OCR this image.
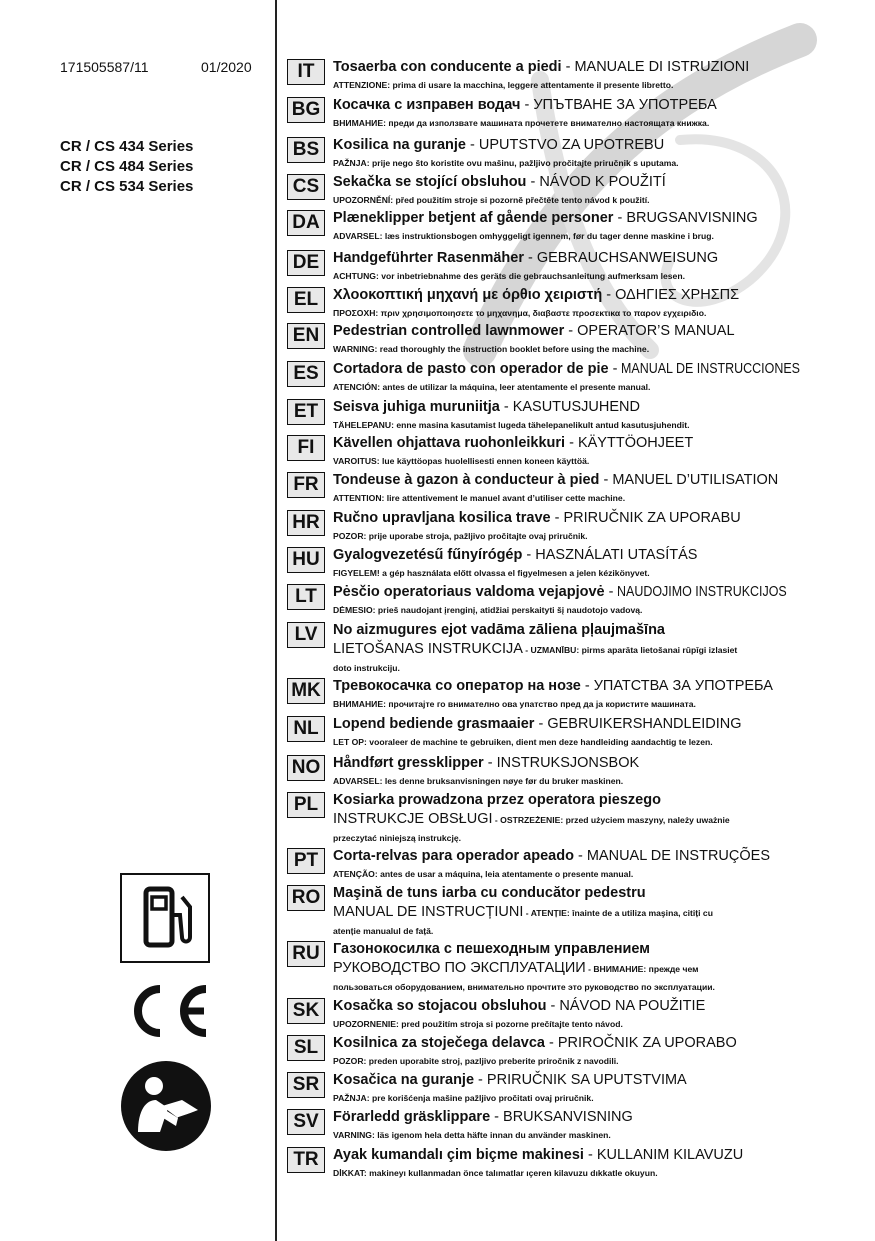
171505587/11	01/2020
CR / CS 434 Series
CR / CS 484 Series
CR / CS 534 Series

IT	Tosaerba con conducente a piedi - MANUALE DI ISTRUZIONI
ATTENZIONE: prima di usare la macchina, leggere attentamente il presente libretto.
BG Косачка с изправен водач - УПЪТВАНЕ ЗА УПОТРЕБА
ВНИМАНИЕ: преди да използвате машината прочетете внимателно настоящата книжка.
BS Kosilica na guranje - UPUTSTVO ZA UPOTREBU
PAŽNJA: prije nego što koristite ovu mašinu, pažljivo pročitajte priručnik s uputama.
CS Sekačka se stojící obsluhou - NÁVOD K POUŽITÍ
UPOZORNĚNÍ: před použitím stroje si pozorně přečtěte tento návod k použití.
DA Plæneklipper betjent af gående personer - BRUGSANVISNING
ADVARSEL: læs instruktionsbogen omhyggeligt igennem, før du tager denne maskine i brug.
DE Handgeführter Rasenmäher - GEBRAUCHSANWEISUNG
ACHTUNG: vor inbetriebnahme des geräts die gebrauchsanleitung aufmerksam lesen.
EL	Χλοοκοπτική μηχανή με όρθιο χειριστή - ΟΔΗΓΙΕΣ ΧΡΗΣΠΣ
ΠΡΟΣΟΧΗ: πριν χρησιμοποιησετε το μηχανημα, διαβαστε προσεκτικα το παρον εγχειριδιο.
EN Pedestrian controlled lawnmower - OPERATOR’S MANUAL
WARNING: read thoroughly the instruction booklet before using the machine.
ES Cortadora de pasto con operador de pie - MANUAL DE INSTRUCCIONES
ATENCIÓN: antes de utilizar la máquina, leer atentamente el presente manual.
ET	Seisva juhiga muruniitja - KASUTUSJUHEND
TÄHELEPANU: enne masina kasutamist lugeda tähelepanelikult antud kasutusjuhendit.
FI	Kävellen ohjattava ruohonleikkuri - KÄYTTÖOHJEET
VAROITUS: lue käyttöopas huolellisesti ennen koneen käyttöä.
FR Tondeuse à gazon à conducteur à pied - MANUEL D’UTILISATION
ATTENTION: lire attentivement le manuel avant d’utiliser cette machine.
HR Ručno upravljana kosilica trave - PRIRUČNIK ZA UPORABU
POZOR: prije uporabe stroja, pažljivo pročitajte ovaj priručnik.
HU Gyalogvezetésű fűnyírógép - HASZNÁLATI UTASÍTÁS
FIGYELEM! a gép használata előtt olvassa el figyelmesen a jelen kézikönyvet.
LT	Pėsčio operatoriaus valdoma vejapjovė - NAUDOJIMO INSTRUKCIJOS
DĖMESIO: prieš naudojant įrenginį, atidžiai perskaityti šį naudotojo vadovą.
LV	No aizmugures ejot vadāma zāliena pļaujmašīna
LIETOŠANAS INSTRUKCIJA - UZMANĪBU: pirms aparāta lietošanai rūpīgi izlasiet
doto instrukciju.
MK Тревокосачка со оператор на нозе - УПАТСТВА ЗА УПОТРЕБА
ВНИМАНИЕ: прочитајте го внимателно ова упатство пред да ја користите машината.
NL Lopend bediende grasmaaier - GEBRUIKERSHANDLEIDING
LET OP: vooraleer de machine te gebruiken, dient men deze handleiding aandachtig te lezen.
NO Håndført gressklipper - INSTRUKSJONSBOK
ADVARSEL: les denne bruksanvisningen nøye før du bruker maskinen.
PL	Kosiarka prowadzona przez operatora pieszego
INSTRUKCJE OBSŁUGI - OSTRZEŻENIE: przed użyciem maszyny, należy uważnie
przeczytać niniejszą instrukcję.
PT	Corta-relvas para operador apeado - MANUAL DE INSTRUÇÕES
ATENÇÃO: antes de usar a máquina, leia atentamente o presente manual.
RO Maşină de tuns iarba cu conducător pedestru
MANUAL DE INSTRUCȚIUNI - ATENȚIE: înainte de a utiliza maşina, citiți cu
atenție manualul de față.
RU Газонокосилка с пешеходным управлением
РУКОВОДСТВО ПО ЭКСПЛУАТАЦИИ - ВНИМАНИЕ: прежде чем
пользоваться оборудованием, внимательно прочтите это руководство по эксплуатации.
SK Kosačka so stojacou obsluhou - NÁVOD NA POUŽITIE
UPOZORNENIE: pred použitím stroja si pozorne prečítajte tento návod.
SL	Kosilnica za stoječega delavca - PRIROČNIK ZA UPORABO
POZOR: preden uporabite stroj, pazljivo preberite priročnik z navodili.
SR Kosačica na guranje - PRIRUČNIK SA UPUTSTVIMA
PAŽNJA: pre korišćenja mašine pažljivo pročitati ovaj priručnik.
SV Förarledd gräsklippare - BRUKSANVISNING
VARNING: läs igenom hela detta häfte innan du använder maskinen.
TR Ayak kumandalı çim biçme makinesi - KULLANIM KILAVUZU
DİKKAT: makineyı kullanmadan önce talımatlar ıçeren kilavuzu dıkkatle okuyun.
